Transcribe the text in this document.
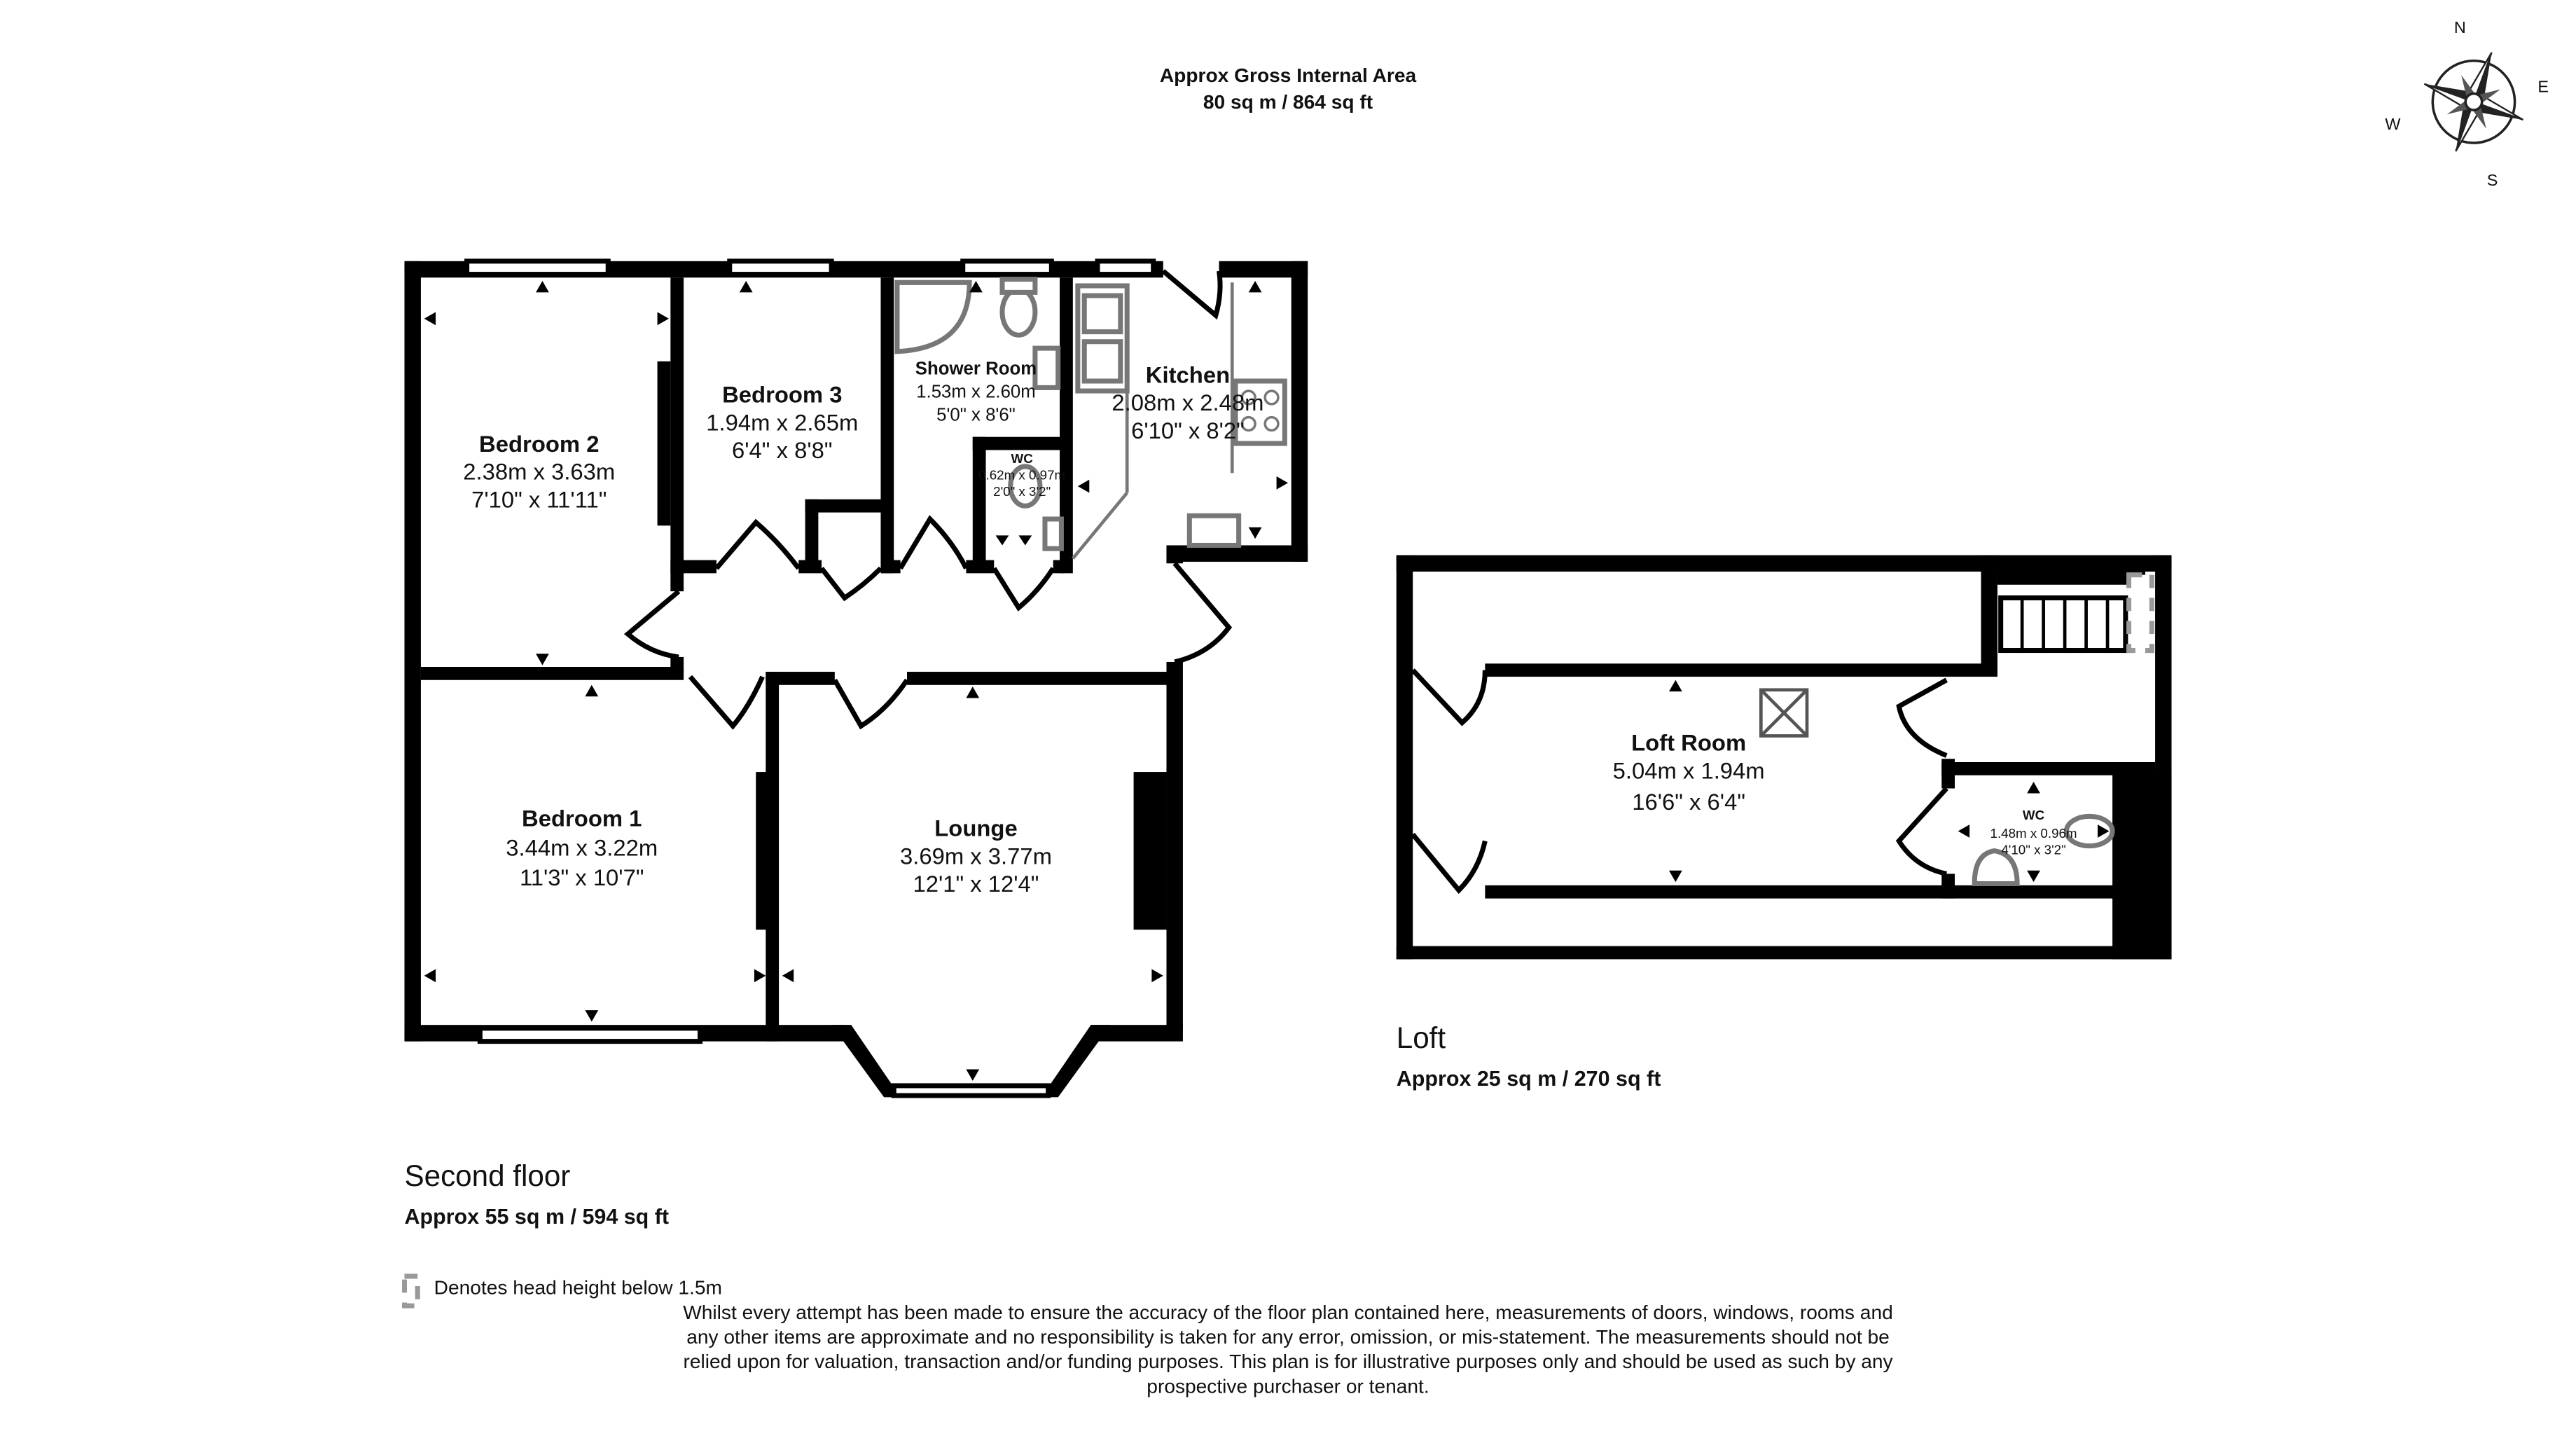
Approx Gross Internal Area
80 sq m / 864 sq ft
N
E
S
W
Bedroom 2
2.38m x 3.63m
7'10" x 11'11"
Bedroom 3
1.94m x 2.65m
6'4" x 8'8"
Shower Room
1.53m x 2.60m
5'0" x 8'6"
Kitchen
2.08m x 2.48m
6'10" x 8'2"
WC
0.62m x 0.97m
2'0" x 3'2"
Bedroom 1
3.44m x 3.22m
11'3" x 10'7"
Lounge
3.69m x 3.77m
12'1" x 12'4"
Loft Room
5.04m x 1.94m
16'6" x 6'4"
WC
1.48m x 0.96m
4'10" x 3'2"
Loft
Approx 25 sq m / 270 sq ft
Second floor
Approx 55 sq m / 594 sq ft
Denotes head height below 1.5m
Whilst every attempt has been made to ensure the accuracy of the floor plan contained here, measurements of doors, windows, rooms and
any other items are approximate and no responsibility is taken for any error, omission, or mis-statement. The measurements should not be
relied upon for valuation, transaction and/or funding purposes. This plan is for illustrative purposes only and should be used as such by any
prospective purchaser or tenant.
